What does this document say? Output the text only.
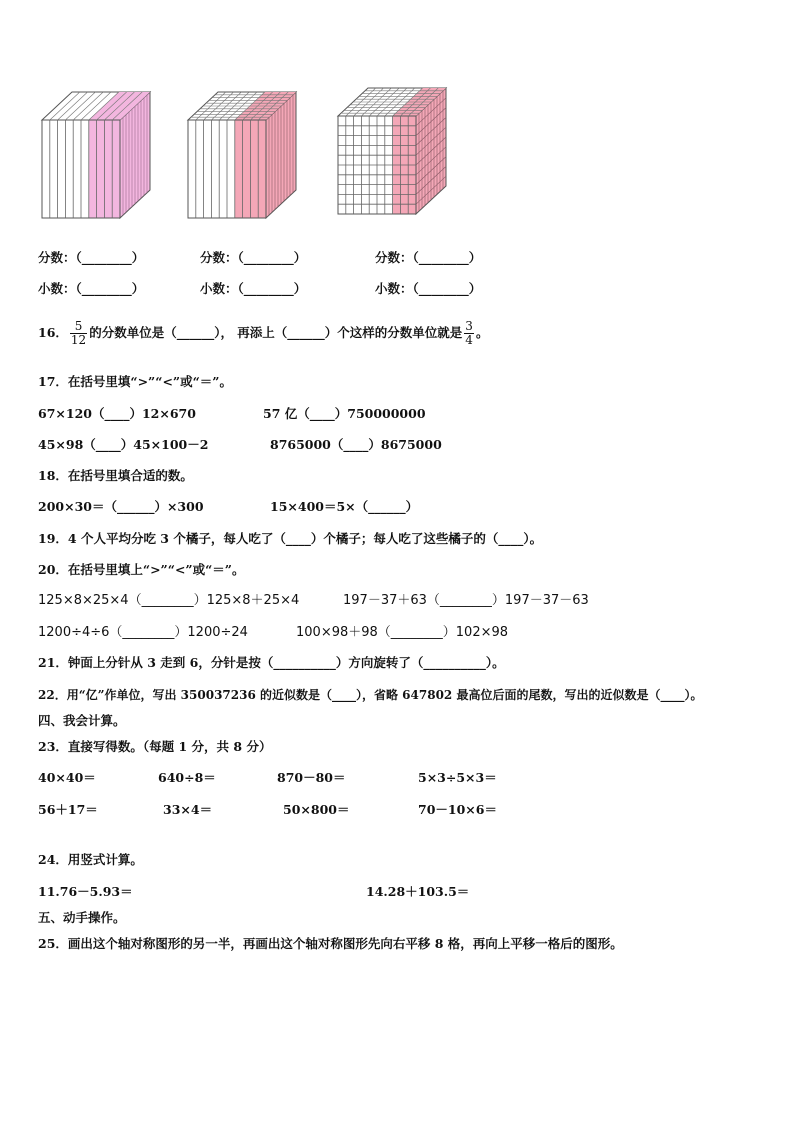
分数：（________）	分数：（________）	分数：（________）
小数：（________）	小数：（________）	小数：（________）
16． $\frac{5}{12}$ 的分数单位是（______）， 再添上（______）个这样的分数单位就是 $\frac{3}{4}$ 。
17．在括号里填“>”“<”或“＝”。
67×120（____）12×670	57 亿（____）750000000
45×98（____）45×100－2	8765000（____）8675000
18．在括号里填合适的数。
200×30＝（______）×300	15×400＝5×（______）
19．4 个人平均分吃 3 个橘子，每人吃了（____）个橘子；每人吃了这些橘子的（____）。
20．在括号里填上“>”“<”或“＝”。
125×8×25×4（________）125×8＋25×4	197－37＋63（________）197－37－63
1200÷4÷6（________）1200÷24	100×98＋98（________）102×98
21．钟面上分针从 3 走到 6，分针是按（__________）方向旋转了（__________）。
22．用“亿”作单位，写出 350037236 的近似数是（____），省略 647802 最高位后面的尾数，写出的近似数是（____）。
四、我会计算。
23．直接写得数。（每题 1 分，共 8 分）
40×40＝	640÷8＝	870－80＝	5×3÷5×3＝
56＋17＝	33×4＝	50×800＝	70－10×6＝
24．用竖式计算。
11.76－5.93＝	14.28＋103.5＝
五、动手操作。
25．画出这个轴对称图形的另一半，再画出这个轴对称图形先向右平移 8 格，再向上平移一格后的图形。
